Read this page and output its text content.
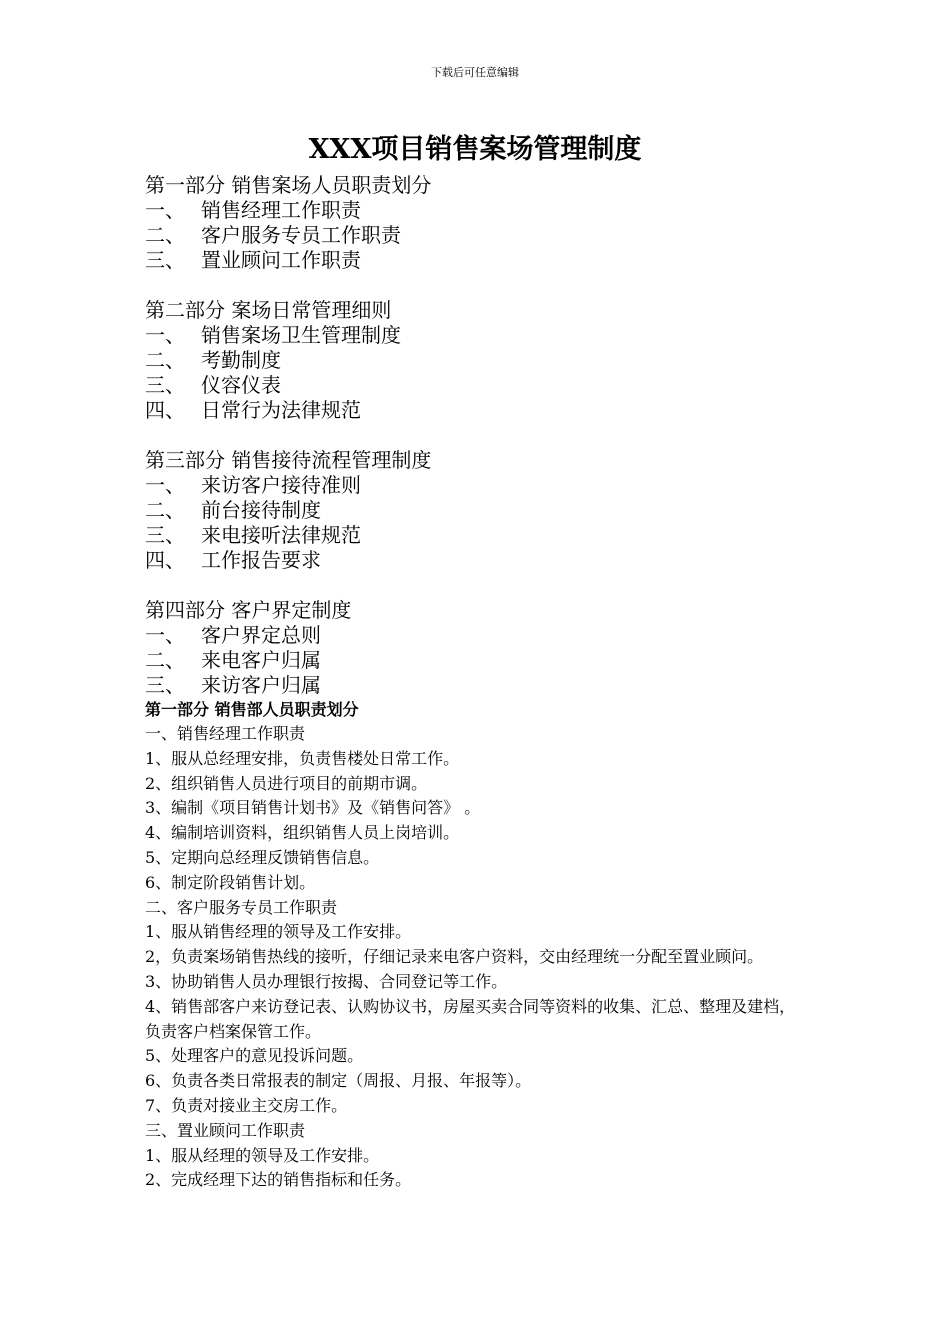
下载后可任意编辑
XXX项目销售案场管理制度
第一部分 销售案场人员职责划分
一、 销售经理工作职责
二、 客户服务专员工作职责
三、 置业顾问工作职责
第二部分 案场日常管理细则
一、 销售案场卫生管理制度
二、 考勤制度
三、 仪容仪表
四、 日常行为法律规范
第三部分 销售接待流程管理制度
一、 来访客户接待准则
二、 前台接待制度
三、 来电接听法律规范
四、 工作报告要求
第四部分 客户界定制度
一、 客户界定总则
二、 来电客户归属
三、 来访客户归属
第一部分 销售部人员职责划分
一、销售经理工作职责
1、服从总经理安排，负责售楼处日常工作。
2、组织销售人员进行项目的前期市调。
3、编制《项目销售计划书》及《销售问答》 。
4、编制培训资料，组织销售人员上岗培训。
5、定期向总经理反馈销售信息。
6、制定阶段销售计划。
二、客户服务专员工作职责
1、服从销售经理的领导及工作安排。
2，负责案场销售热线的接听，仔细记录来电客户资料，交由经理统一分配至置业顾问。
3、协助销售人员办理银行按揭、合同登记等工作。
4、销售部客户来访登记表、认购协议书，房屋买卖合同等资料的收集、汇总、整理及建档，负责客户档案保管工作。
5、处理客户的意见投诉问题。
6、负责各类日常报表的制定（周报、月报、年报等）。
7、负责对接业主交房工作。
三、置业顾问工作职责
1、服从经理的领导及工作安排。
2、完成经理下达的销售指标和任务。
